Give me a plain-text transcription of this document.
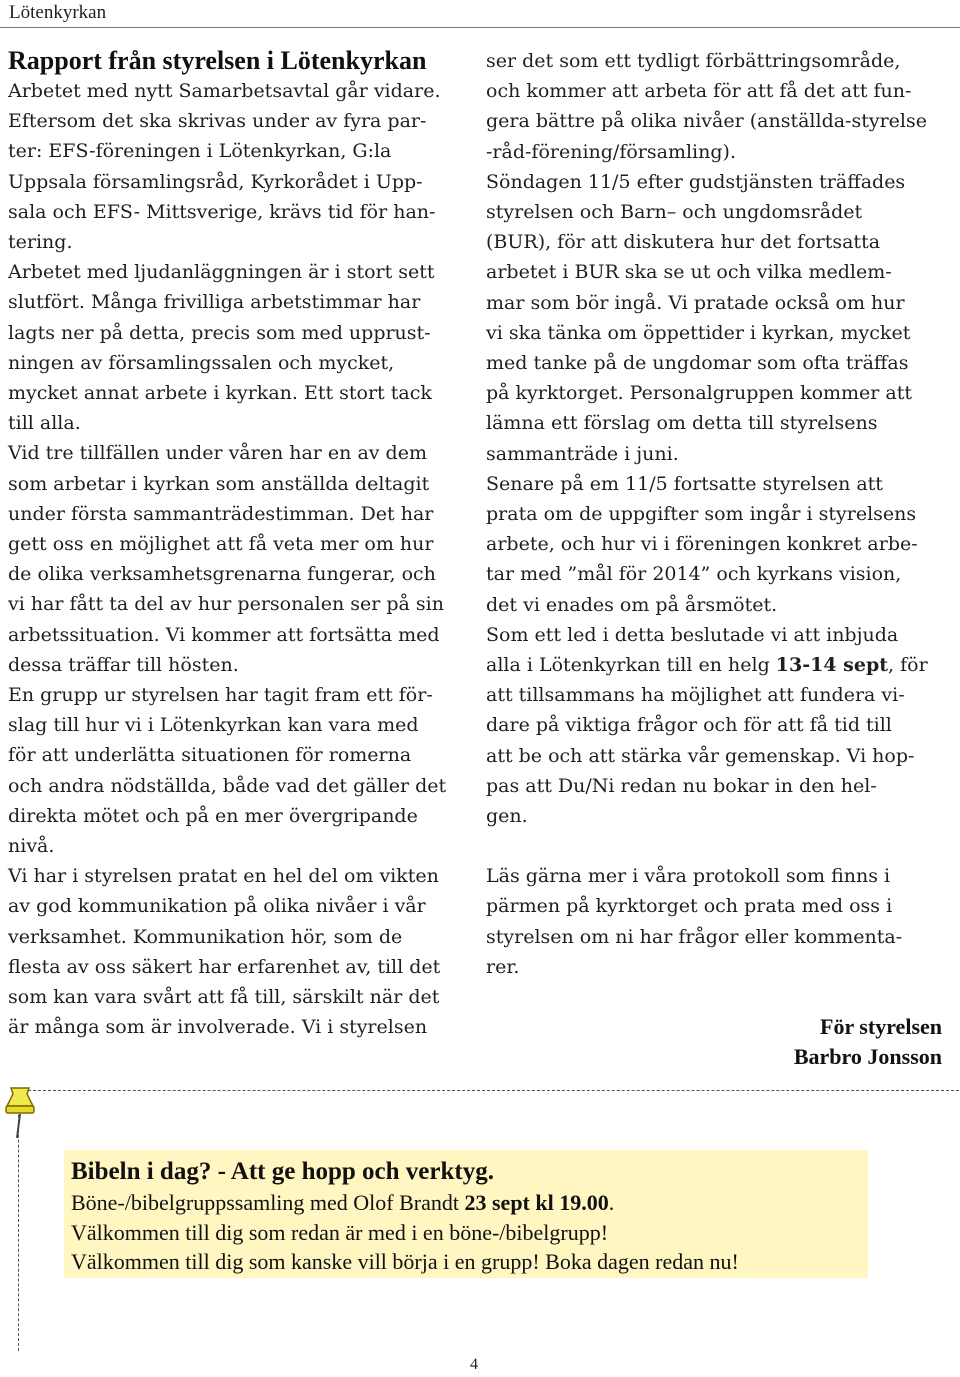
Lötenkyrkan

Rapport från styrelsen i Lötenkyrkan

Arbetet med nytt Samarbetsavtal går vidare.
Eftersom det ska skrivas under av fyra par-
ter: EFS-föreningen i Lötenkyrkan, G:la
Uppsala församlingsråd, Kyrkorådet i Upp-
sala och EFS- Mittsverige, krävs tid för han-
tering.
Arbetet med ljudanläggningen är i stort sett
slutfört. Många frivilliga arbetstimmar har
lagts ner på detta, precis som med upprust-
ningen av församlingssalen och mycket,
mycket annat arbete i kyrkan. Ett stort tack
till alla.
Vid tre tillfällen under våren har en av dem
som arbetar i kyrkan som anställda deltagit
under första sammanträdestimman. Det har
gett oss en möjlighet att få veta mer om hur
de olika verksamhetsgrenarna fungerar, och
vi har fått ta del av hur personalen ser på sin
arbetssituation. Vi kommer att fortsätta med
dessa träffar till hösten.
En grupp ur styrelsen har tagit fram ett för-
slag till hur vi i Lötenkyrkan kan vara med
för att underlätta situationen för romerna
och andra nödställda, både vad det gäller det
direkta mötet och på en mer övergripande
nivå.
Vi har i styrelsen pratat en hel del om vikten
av god kommunikation på olika nivåer i vår
verksamhet. Kommunikation hör, som de
flesta av oss säkert har erfarenhet av, till det
som kan vara svårt att få till, särskilt när det
är många som är involverade. Vi i styrelsen
ser det som ett tydligt förbättringsområde,
och kommer att arbeta för att få det att fun-
gera bättre på olika nivåer (anställda-styrelse
-råd-förening/församling).
Söndagen 11/5 efter gudstjänsten träffades
styrelsen och Barn– och ungdomsrådet
(BUR), för att diskutera hur det fortsatta
arbetet i BUR ska se ut och vilka medlem-
mar som bör ingå. Vi pratade också om hur
vi ska tänka om öppettider i kyrkan, mycket
med tanke på de ungdomar som ofta träffas
på kyrktorget. Personalgruppen kommer att
lämna ett förslag om detta till styrelsens
sammanträde i juni.
Senare på em 11/5 fortsatte styrelsen att
prata om de uppgifter som ingår i styrelsens
arbete, och hur vi i föreningen konkret arbe-
tar med ”mål för 2014” och kyrkans vision,
det vi enades om på årsmötet.
Som ett led i detta beslutade vi att inbjuda

alla i Lötenkyrkan till en helg 13-14 sept, för

att tillsammans ha möjlighet att fundera vi-
dare på viktiga frågor och för att få tid till
att be och att stärka vår gemenskap. Vi hop-
pas att Du/Ni redan nu bokar in den hel-
gen.
Läs gärna mer i våra protokoll som finns i
pärmen på kyrktorget och prata med oss i
styrelsen om ni har frågor eller kommenta-
rer.
För styrelsen
Barbro Jonsson
Bibeln i dag? - Att ge hopp och verktyg.
Böne-/bibelgruppssamling med Olof Brandt 23 sept kl 19.00.
Välkommen till dig som redan är med i en böne-/bibelgrupp!
Välkommen till dig som kanske vill börja i en grupp! Boka dagen redan nu!
4
